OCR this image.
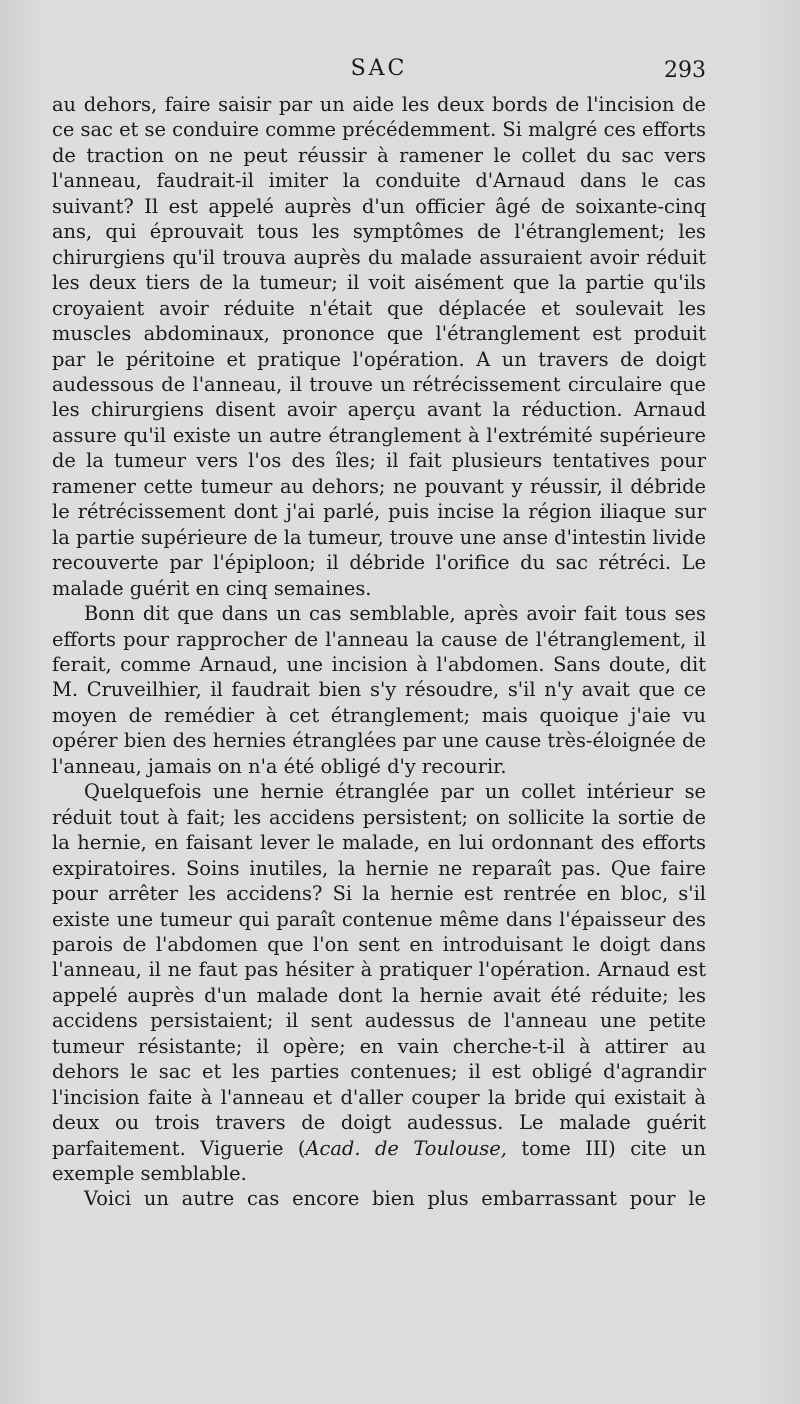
SAC	293

au dehors, faire saisir par un aide les deux bords de l'incision de ce sac et se conduire comme précédemment. Si malgré ces efforts de traction on ne peut réussir à ramener le collet du sac vers l'anneau, faudrait-il imiter la conduite d'Arnaud dans le cas suivant? Il est appelé auprès d'un officier âgé de soixante-cinq ans, qui éprouvait tous les symptômes de l'étranglement; les chirurgiens qu'il trouva auprès du malade assuraient avoir réduit les deux tiers de la tumeur; il voit aisément que la partie qu'ils croyaient avoir réduite n'était que déplacée et soulevait les muscles abdominaux, prononce que l'étranglement est produit par le péritoine et pratique l'opération. A un travers de doigt audessous de l'anneau, il trouve un rétrécissement circulaire que les chirurgiens disent avoir aperçu avant la réduction. Arnaud assure qu'il existe un autre étranglement à l'extrémité supérieure de la tumeur vers l'os des îles; il fait plusieurs tentatives pour ramener cette tumeur au dehors; ne pouvant y réussir, il débride le rétrécissement dont j'ai parlé, puis incise la région iliaque sur la partie supérieure de la tumeur, trouve une anse d'intestin livide recouverte par l'épiploon; il débride l'orifice du sac rétréci. Le malade guérit en cinq semaines.

Bonn dit que dans un cas semblable, après avoir fait tous ses efforts pour rapprocher de l'anneau la cause de l'étranglement, il ferait, comme Arnaud, une incision à l'abdomen. Sans doute, dit M. Cruveilhier, il faudrait bien s'y résoudre, s'il n'y avait que ce moyen de remédier à cet étranglement; mais quoique j'aie vu opérer bien des hernies étranglées par une cause très-éloignée de l'anneau, jamais on n'a été obligé d'y recourir.

Quelquefois une hernie étranglée par un collet intérieur se réduit tout à fait; les accidens persistent; on sollicite la sortie de la hernie, en faisant lever le malade, en lui ordonnant des efforts expiratoires. Soins inutiles, la hernie ne reparaît pas. Que faire pour arrêter les accidens? Si la hernie est rentrée en bloc, s'il existe une tumeur qui paraît contenue même dans l'épaisseur des parois de l'abdomen que l'on sent en introduisant le doigt dans l'anneau, il ne faut pas hésiter à pratiquer l'opération. Arnaud est appelé auprès d'un malade dont la hernie avait été réduite; les accidens persistaient; il sent audessus de l'anneau une petite tumeur résistante; il opère; en vain cherche-t-il à attirer au dehors le sac et les parties contenues; il est obligé d'agrandir l'incision faite à l'anneau et d'aller couper la bride qui existait à deux ou trois travers de doigt audessus. Le malade guérit parfaitement. Viguerie (Acad. de Toulouse, tome III) cite un exemple semblable.

Voici un autre cas encore bien plus embarrassant pour le
